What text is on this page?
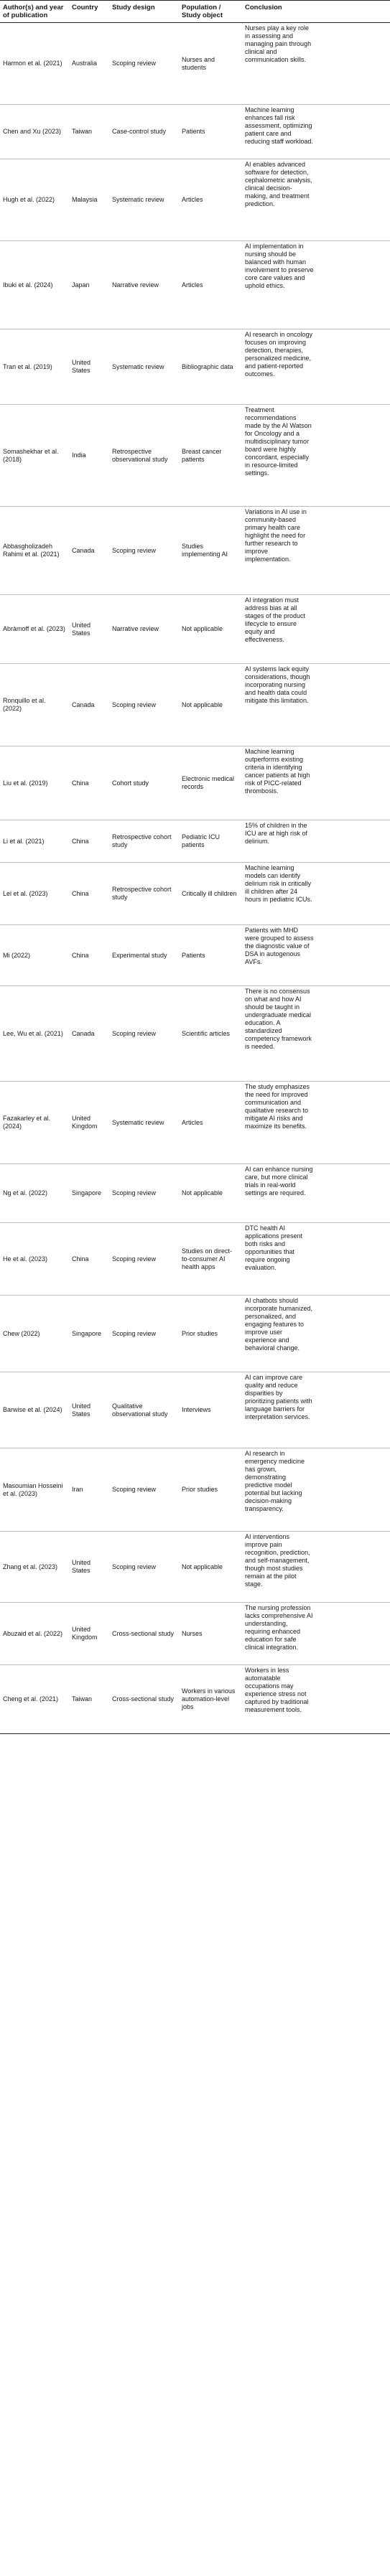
Author(s) and year of publication	Country	Study design	Population / Study object	Conclusion
Harmon et al. (2021)	Australia	Scoping review	Nurses and students	Nurses play a key role in assessing and managing pain through clinical and communication skills.
Chen and Xu (2023)	Taiwan	Case-control study	Patients	Machine learning enhances fall risk assessment, optimizing patient care and reducing staff workload.
Hugh et al. (2022)	Malaysia	Systematic review	Articles	AI enables advanced software for detection, cephalometric analysis, clinical decision-making, and treatment prediction.
Ibuki et al. (2024)	Japan	Narrative review	Articles	AI implementation in nursing should be balanced with human involvement to preserve core care values and uphold ethics.
Tran et al. (2019)	United States	Systematic review	Bibliographic data	AI research in oncology focuses on improving detection, therapies, personalized medicine, and patient-reported outcomes.
Somashekhar et al. (2018)	India	Retrospective observational study	Breast cancer patients	Treatment recommendations made by the AI Watson for Oncology and a multidisciplinary tumor board were highly concordant, especially in resource-limited settings.
Abbasgholizadeh Rahimi et al. (2021)	Canada	Scoping review	Studies implementing AI	Variations in AI use in community-based primary health care highlight the need for further research to improve implementation.
Abràmoff et al. (2023)	United States	Narrative review	Not applicable	AI integration must address bias at all stages of the product lifecycle to ensure equity and effectiveness.
Ronquillo et al. (2022)	Canada	Scoping review	Not applicable	AI systems lack equity considerations, though incorporating nursing and health data could mitigate this limitation.
Liu et al. (2019)	China	Cohort study	Electronic medical records	Machine learning outperforms existing criteria in identifying cancer patients at high risk of PICC-related thrombosis.
Li et al. (2021)	China	Retrospective cohort study	Pediatric ICU patients	15% of children in the ICU are at high risk of delirium.
Lei et al. (2023)	China	Retrospective cohort study	Critically ill children	Machine learning models can identify delirium risk in critically ill children after 24 hours in pediatric ICUs.
Mi (2022)	China	Experimental study	Patients	Patients with MHD were grouped to assess the diagnostic value of DSA in autogenous AVFs.
Lee, Wu et al. (2021)	Canada	Scoping review	Scientific articles	There is no consensus on what and how AI should be taught in undergraduate medical education. A standardized competency framework is needed.
Fazakarley et al. (2024)	United Kingdom	Systematic review	Articles	The study emphasizes the need for improved communication and qualitative research to mitigate AI risks and maximize its benefits.
Ng et al. (2022)	Singapore	Scoping review	Not applicable	AI can enhance nursing care, but more clinical trials in real-world settings are required.
He et al. (2023)	China	Scoping review	Studies on direct-to-consumer AI health apps	DTC health AI applications present both risks and opportunities that require ongoing evaluation.
Chew (2022)	Singapore	Scoping review	Prior studies	AI chatbots should incorporate humanized, personalized, and engaging features to improve user experience and behavioral change.
Barwise et al. (2024)	United States	Qualitative observational study	Interviews	AI can improve care quality and reduce disparities by prioritizing patients with language barriers for interpretation services.
Masoumian Hosseini et al. (2023)	Iran	Scoping review	Prior studies	AI research in emergency medicine has grown, demonstrating predictive model potential but lacking decision-making transparency.
Zhang et al. (2023)	United States	Scoping review	Not applicable	AI interventions improve pain recognition, prediction, and self-management, though most studies remain at the pilot stage.
Abuzaid et al. (2022)	United Kingdom	Cross-sectional study	Nurses	The nursing profession lacks comprehensive AI understanding, requiring enhanced education for safe clinical integration.
Cheng et al. (2021)	Taiwan	Cross-sectional study	Workers in various automation-level jobs	Workers in less automatable occupations may experience stress not captured by traditional measurement tools.
